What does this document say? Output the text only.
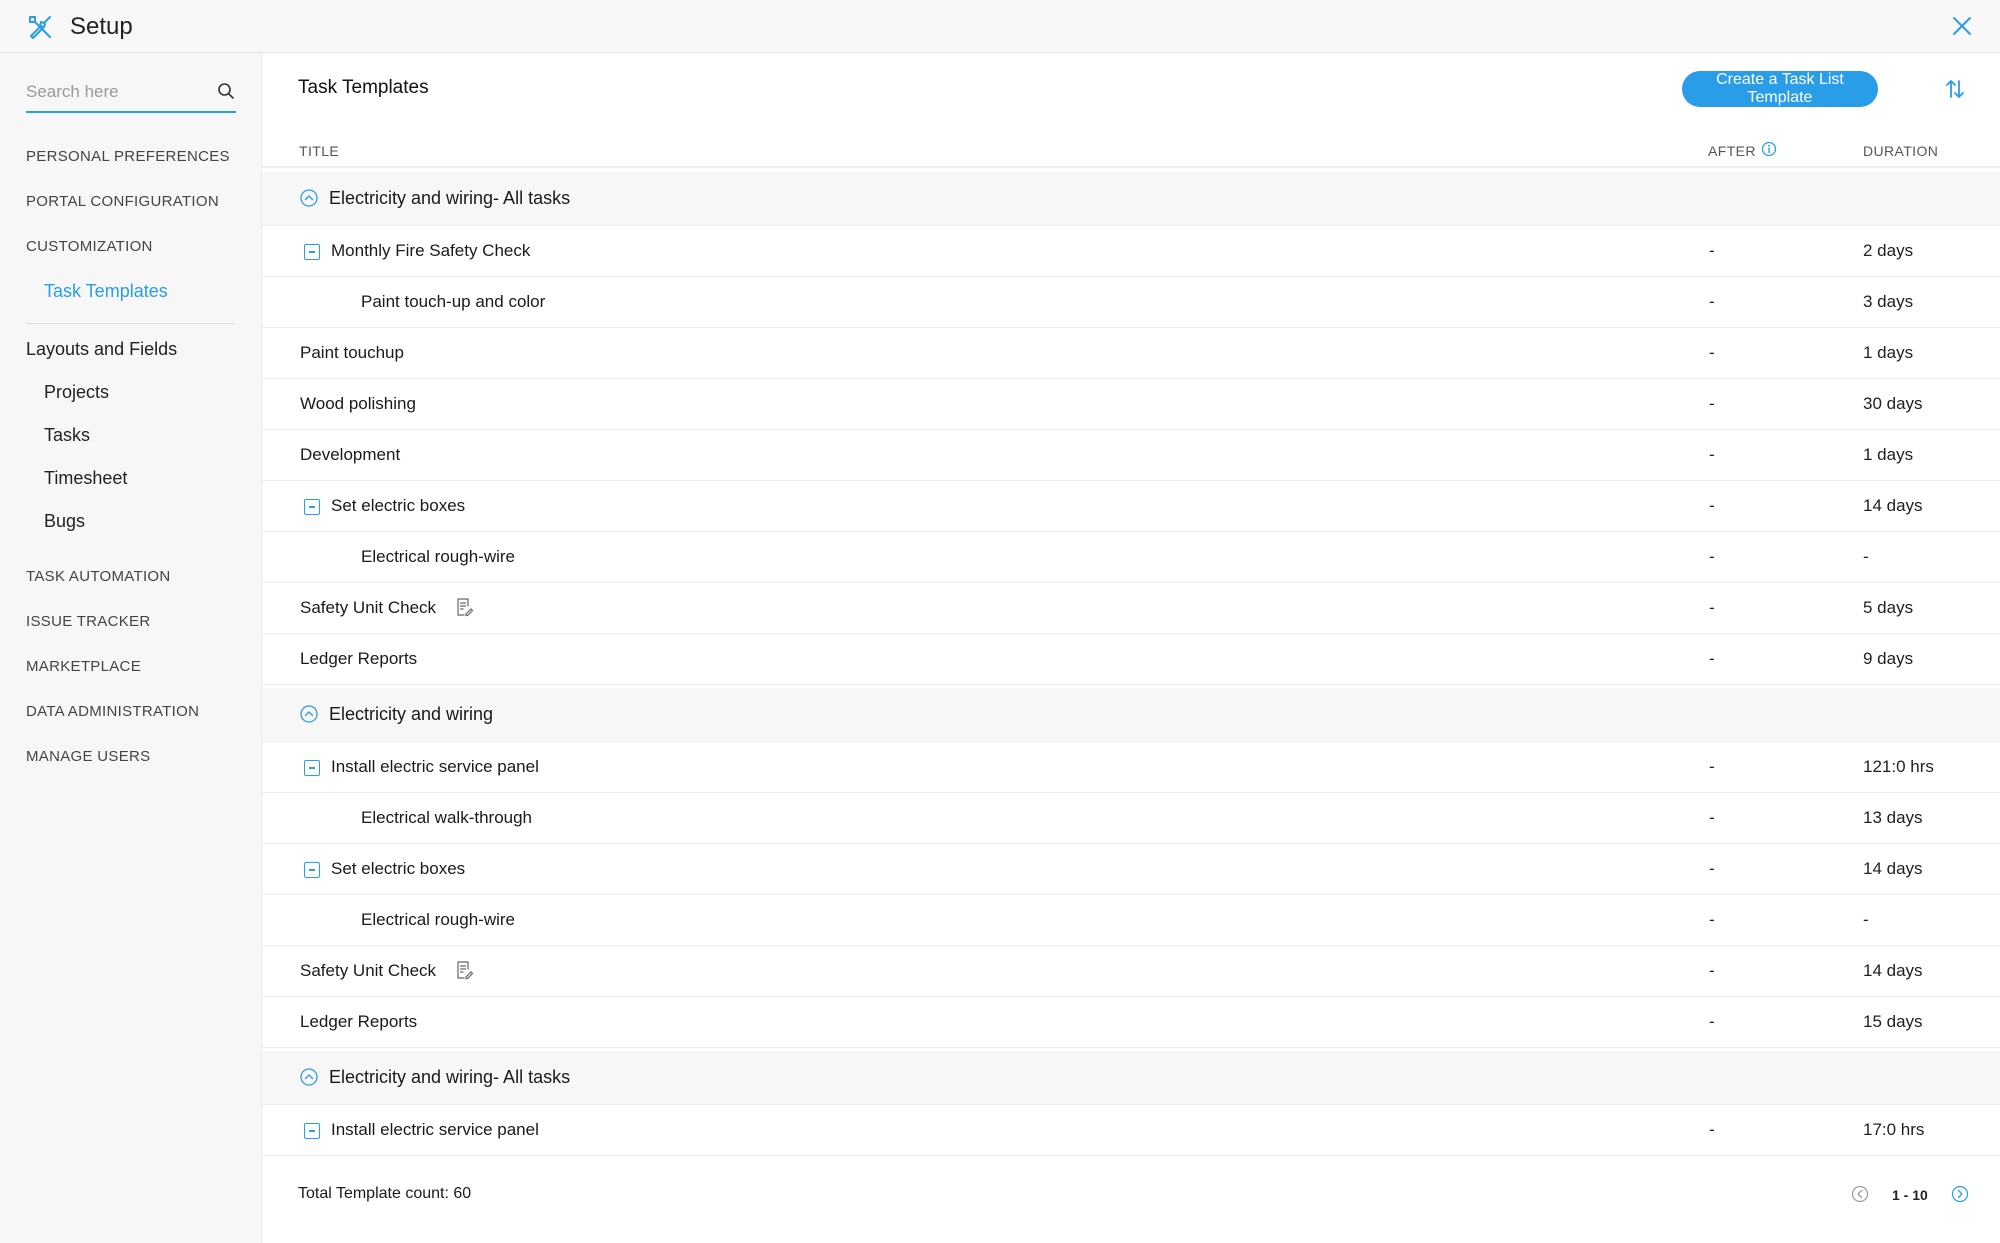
Setup
Search here
PERSONAL PREFERENCES
PORTAL CONFIGURATION
CUSTOMIZATION
Task Templates
Layouts and Fields
Projects
Tasks
Timesheet
Bugs
TASK AUTOMATION
ISSUE TRACKER
MARKETPLACE
DATA ADMINISTRATION
MANAGE USERS
Task Templates	Create a Task List Template
TITLE	AFTER	DURATION
Electricity and wiring- All tasks
Monthly Fire Safety Check	-	2 days
Paint touch-up and color	-	3 days
Paint touchup	-	1 days
Wood polishing	-	30 days
Development	-	1 days
Set electric boxes	-	14 days
Electrical rough-wire	-	-
Safety Unit Check	-	5 days
Ledger Reports	-	9 days
Electricity and wiring
Install electric service panel	-	121:0 hrs
Electrical walk-through	-	13 days
Set electric boxes	-	14 days
Electrical rough-wire	-	-
Safety Unit Check	-	14 days
Ledger Reports	-	15 days
Electricity and wiring- All tasks
Install electric service panel	-	17:0 hrs
Total Template count: 60	1 - 10
